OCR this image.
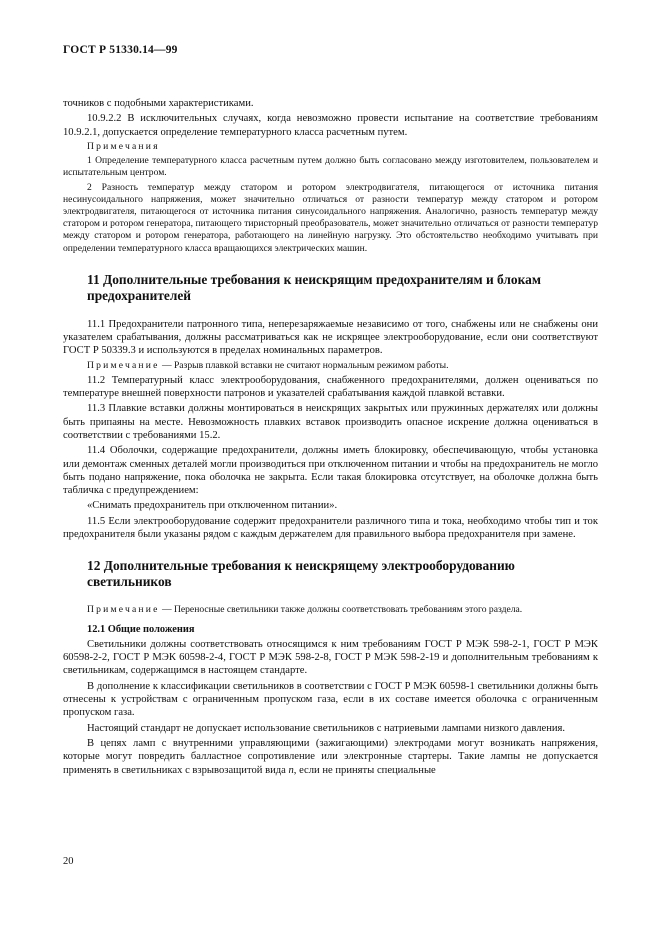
ГОСТ Р 51330.14—99

точников с подобными характеристиками.

10.9.2.2 В исключительных случаях, когда невозможно провести испытание на соответствие требованиям 10.9.2.1, допускается определение температурного класса расчетным путем.

Примечания

1 Определение температурного класса расчетным путем должно быть согласовано между изготовителем, пользователем и испытательным центром.

2 Разность температур между статором и ротором электродвигателя, питающегося от источника питания несинусоидального напряжения, может значительно отличаться от разности температур между статором и ротором электродвигателя, питающегося от источника питания синусоидального напряжения. Аналогично, разность температур между статором и ротором генератора, питающего тиристорный преобразователь, может значительно отличаться от разности температур между статором и ротором генератора, работающего на линейную нагрузку. Это обстоятельство необходимо учитывать при определении температурного класса вращающихся электрических машин.

11 Дополнительные требования к неискрящим предохранителям и блокам предохранителей

11.1 Предохранители патронного типа, неперезаряжаемые независимо от того, снабжены или не снабжены они указателем срабатывания, должны рассматриваться как не искрящее электрооборудование, если они соответствуют ГОСТ Р 50339.3 и используются в пределах номинальных параметров.

Примечание — Разрыв плавкой вставки не считают нормальным режимом работы.

11.2 Температурный класс электрооборудования, снабженного предохранителями, должен оцениваться по температуре внешней поверхности патронов и указателей срабатывания каждой плавкой вставки.

11.3 Плавкие вставки должны монтироваться в неискрящих закрытых или пружинных держателях или должны быть припаяны на месте. Невозможность плавких вставок производить опасное искрение должна оцениваться в соответствии с требованиями 15.2.

11.4 Оболочки, содержащие предохранители, должны иметь блокировку, обеспечивающую, чтобы установка или демонтаж сменных деталей могли производиться при отключенном питании и чтобы на предохранитель не могло быть подано напряжение, пока оболочка не закрыта. Если такая блокировка отсутствует, на оболочке должна быть табличка с предупреждением:

«Снимать предохранитель при отключенном питании».

11.5 Если электрооборудование содержит предохранители различного типа и тока, необходимо чтобы тип и ток предохранителя были указаны рядом с каждым держателем для правильного выбора предохранителя при замене.

12 Дополнительные требования к неискрящему электрооборудованию светильников

Примечание — Переносные светильники также должны соответствовать требованиям этого раздела.

12.1 Общие положения

Светильники должны соответствовать относящимся к ним требованиям ГОСТ Р МЭК 598-2-1, ГОСТ Р МЭК 60598-2-2, ГОСТ Р МЭК 60598-2-4, ГОСТ Р МЭК 598-2-8, ГОСТ Р МЭК 598-2-19 и дополнительным требованиям к светильникам, содержащимся в настоящем стандарте.

В дополнение к классификации светильников в соответствии с ГОСТ Р МЭК 60598-1 светильники должны быть отнесены к устройствам с ограниченным пропуском газа, если в их составе имеется оболочка с ограниченным пропуском газа.

Настоящий стандарт не допускает использование светильников с натриевыми лампами низкого давления.

В цепях ламп с внутренними управляющими (зажигающими) электродами могут возникать напряжения, которые могут повредить балластное сопротивление или электронные стартеры. Такие лампы не допускается применять в светильниках с взрывозащитой вида n, если не приняты специальные

20
